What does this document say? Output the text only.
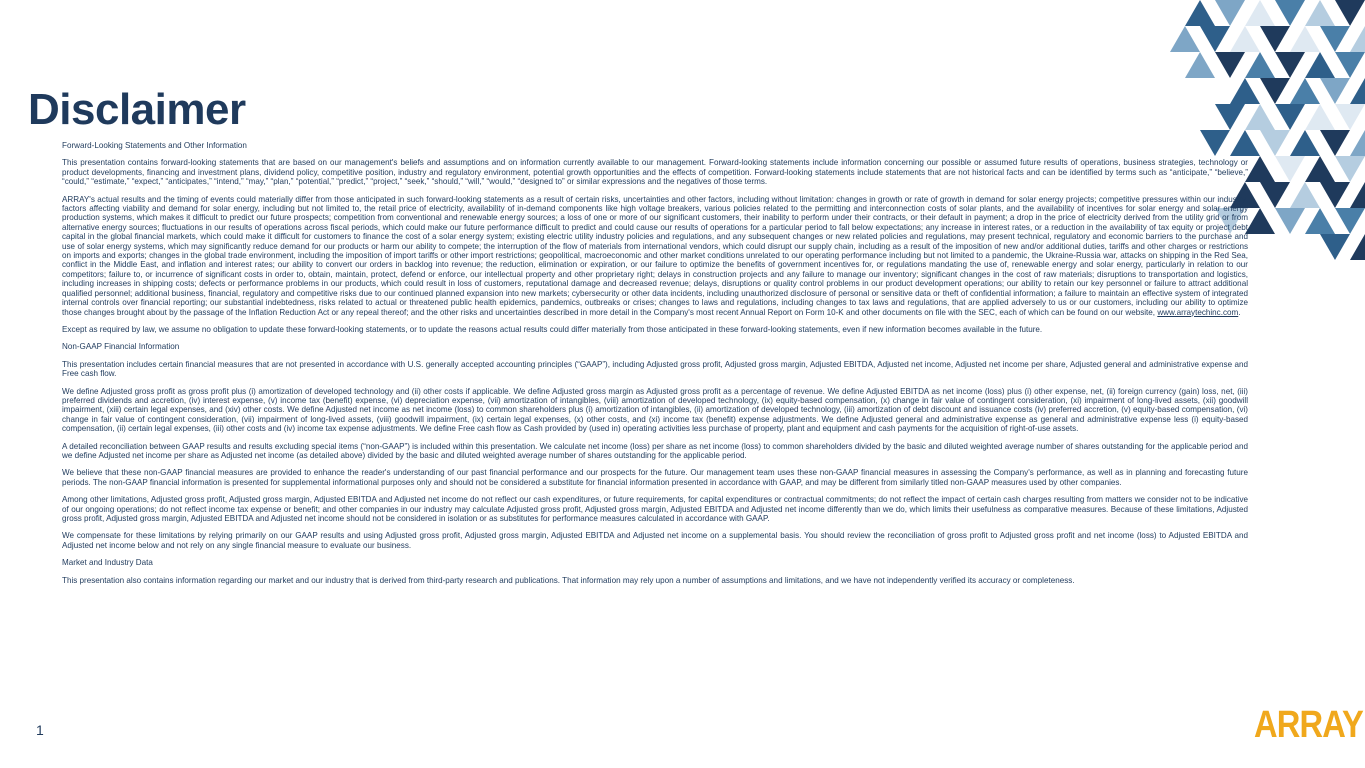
Disclaimer

Forward-Looking Statements and Other Information

This presentation contains forward-looking statements that are based on our management's beliefs and assumptions and on information currently available to our management. Forward-looking statements include information concerning our possible or assumed future results of operations, business strategies, technology or product developments, financing and investment plans, dividend policy, competitive position, industry and regulatory environment, potential growth opportunities and the effects of competition. Forward-looking statements include statements that are not historical facts and can be identified by terms such as “anticipate,” “believe,” “could,” “estimate,” “expect,” “anticipates,” “intend,” “may,” “plan,” “potential,” “predict,” “project,” “seek,” “should,” “will,” “would,” “designed to” or similar expressions and the negatives of those terms.

ARRAY's actual results and the timing of events could materially differ from those anticipated in such forward-looking statements as a result of certain risks, uncertainties and other factors, including without limitation: changes in growth or rate of growth in demand for solar energy projects; competitive pressures within our industry; factors affecting viability and demand for solar energy, including but not limited to, the retail price of electricity, availability of in-demand components like high voltage breakers, various policies related to the permitting and interconnection costs of solar plants, and the availability of incentives for solar energy and solar energy production systems, which makes it difficult to predict our future prospects; competition from conventional and renewable energy sources; a loss of one or more of our significant customers, their inability to perform under their contracts, or their default in payment; a drop in the price of electricity derived from the utility grid or from alternative energy sources; fluctuations in our results of operations across fiscal periods, which could make our future performance difficult to predict and could cause our results of operations for a particular period to fall below expectations; any increase in interest rates, or a reduction in the availability of tax equity or project debt capital in the global financial markets, which could make it difficult for customers to finance the cost of a solar energy system; existing electric utility industry policies and regulations, and any subsequent changes or new related policies and regulations, may present technical, regulatory and economic barriers to the purchase and use of solar energy systems, which may significantly reduce demand for our products or harm our ability to compete; the interruption of the flow of materials from international vendors, which could disrupt our supply chain, including as a result of the imposition of new and/or additional duties, tariffs and other charges or restrictions on imports and exports; changes in the global trade environment, including the imposition of import tariffs or other import restrictions; geopolitical, macroeconomic and other market conditions unrelated to our operating performance including but not limited to a pandemic, the Ukraine-Russia war, attacks on shipping in the Red Sea, conflict in the Middle East, and inflation and interest rates; our ability to convert our orders in backlog into revenue; the reduction, elimination or expiration, or our failure to optimize the benefits of government incentives for, or regulations mandating the use of, renewable energy and solar energy, particularly in relation to our competitors; failure to, or incurrence of significant costs in order to, obtain, maintain, protect, defend or enforce, our intellectual property and other proprietary right; delays in construction projects and any failure to manage our inventory; significant changes in the cost of raw materials; disruptions to transportation and logistics, including increases in shipping costs; defects or performance problems in our products, which could result in loss of customers, reputational damage and decreased revenue; delays, disruptions or quality control problems in our product development operations; our ability to retain our key personnel or failure to attract additional qualified personnel; additional business, financial, regulatory and competitive risks due to our continued planned expansion into new markets; cybersecurity or other data incidents, including unauthorized disclosure of personal or sensitive data or theft of confidential information; a failure to maintain an effective system of integrated internal controls over financial reporting; our substantial indebtedness, risks related to actual or threatened public health epidemics, pandemics, outbreaks or crises; changes to laws and regulations, including changes to tax laws and regulations, that are applied adversely to us or our customers, including our ability to optimize those changes brought about by the passage of the Inflation Reduction Act or any repeal thereof; and the other risks and uncertainties described in more detail in the Company's most recent Annual Report on Form 10-K and other documents on file with the SEC, each of which can be found on our website, www.arraytechinc.com.

Except as required by law, we assume no obligation to update these forward-looking statements, or to update the reasons actual results could differ materially from those anticipated in these forward-looking statements, even if new information becomes available in the future.

Non-GAAP Financial Information

This presentation includes certain financial measures that are not presented in accordance with U.S. generally accepted accounting principles (“GAAP”), including Adjusted gross profit, Adjusted gross margin, Adjusted EBITDA, Adjusted net income, Adjusted net income per share, Adjusted general and administrative expense and Free cash flow.

We define Adjusted gross profit as gross profit plus (i) amortization of developed technology and (ii) other costs if applicable. We define Adjusted gross margin as Adjusted gross profit as a percentage of revenue. We define Adjusted EBITDA as net income (loss) plus (i) other expense, net, (ii) foreign currency (gain) loss, net, (iii) preferred dividends and accretion, (iv) interest expense, (v) income tax (benefit) expense, (vi) depreciation expense, (vii) amortization of intangibles, (viii) amortization of developed technology, (ix) equity-based compensation, (x) change in fair value of contingent consideration, (xi) impairment of long-lived assets, (xii) goodwill impairment, (xiii) certain legal expenses, and (xiv) other costs. We define Adjusted net income as net income (loss) to common shareholders plus (i) amortization of intangibles, (ii) amortization of developed technology, (iii) amortization of debt discount and issuance costs (iv) preferred accretion, (v) equity-based compensation, (vi) change in fair value of contingent consideration, (vii) impairment of long-lived assets, (viii) goodwill impairment, (ix) certain legal expenses, (x) other costs, and (xi) income tax (benefit) expense adjustments. We define Adjusted general and administrative expense as general and administrative expense less (i) equity-based compensation, (ii) certain legal expenses, (iii) other costs and (iv) income tax expense adjustments. We define Free cash flow as Cash provided by (used in) operating activities less purchase of property, plant and equipment and cash payments for the acquisition of right-of-use assets.

A detailed reconciliation between GAAP results and results excluding special items (“non-GAAP”) is included within this presentation. We calculate net income (loss) per share as net income (loss) to common shareholders divided by the basic and diluted weighted average number of shares outstanding for the applicable period and we define Adjusted net income per share as Adjusted net income (as detailed above) divided by the basic and diluted weighted average number of shares outstanding for the applicable period.

We believe that these non-GAAP financial measures are provided to enhance the reader's understanding of our past financial performance and our prospects for the future. Our management team uses these non-GAAP financial measures in assessing the Company's performance, as well as in planning and forecasting future periods. The non-GAAP financial information is presented for supplemental informational purposes only and should not be considered a substitute for financial information presented in accordance with GAAP, and may be different from similarly titled non-GAAP measures used by other companies.

Among other limitations, Adjusted gross profit, Adjusted gross margin, Adjusted EBITDA and Adjusted net income do not reflect our cash expenditures, or future requirements, for capital expenditures or contractual commitments; do not reflect the impact of certain cash charges resulting from matters we consider not to be indicative of our ongoing operations; do not reflect income tax expense or benefit; and other companies in our industry may calculate Adjusted gross profit, Adjusted gross margin, Adjusted EBITDA and Adjusted net income differently than we do, which limits their usefulness as comparative measures. Because of these limitations, Adjusted gross profit, Adjusted gross margin, Adjusted EBITDA and Adjusted net income should not be considered in isolation or as substitutes for performance measures calculated in accordance with GAAP.

We compensate for these limitations by relying primarily on our GAAP results and using Adjusted gross profit, Adjusted gross margin, Adjusted EBITDA and Adjusted net income on a supplemental basis. You should review the reconciliation of gross profit to Adjusted gross profit and net income (loss) to Adjusted EBITDA and Adjusted net income below and not rely on any single financial measure to evaluate our business.

Market and Industry Data

This presentation also contains information regarding our market and our industry that is derived from third-party research and publications. That information may rely upon a number of assumptions and limitations, and we have not independently verified its accuracy or completeness.

1	ARRAY
